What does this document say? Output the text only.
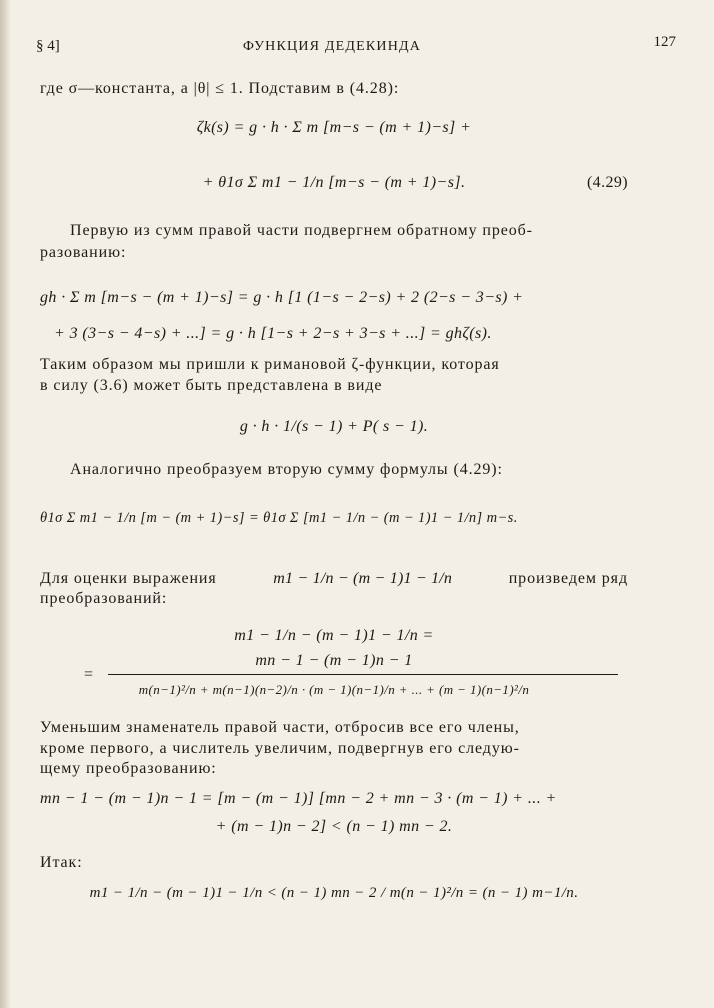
§ 4]	ФУНКЦИЯ ДЕДЕКИНДА	127
где σ—константа, а |θ| ≤ 1. Подставим в (4.28):
ζk(s) = g · h · Σ m [m−s − (m + 1)−s] +
+ θ1σ Σ m1 − 1/n [m−s − (m + 1)−s].	(4.29)
Первую из сумм правой части подвергнем обратному преоб-
разованию:
gh · Σ m [m−s − (m + 1)−s] = g · h [1 (1−s − 2−s) + 2 (2−s − 3−s) +
+ 3 (3−s − 4−s) + ...] = g · h [1−s + 2−s + 3−s + ...] = ghζ(s).
Таким образом мы пришли к римановой ζ-функции, которая
в силу (3.6) может быть представлена в виде
g · h · 1/(s − 1) + P( s − 1).
Аналогично преобразуем вторую сумму формулы (4.29):
θ1σ Σ m1 − 1/n [m − (m + 1)−s] = θ1σ Σ [m1 − 1/n − (m − 1)1 − 1/n] m−s.
Для оценки выражения	m1 − 1/n − (m − 1)1 − 1/n	произведем ряд
преобразований:
m1 − 1/n − (m − 1)1 − 1/n =
mn − 1 − (m − 1)n − 1
=
m(n−1)²/n + m(n−1)(n−2)/n · (m − 1)(n−1)/n + ... + (m − 1)(n−1)²/n
Уменьшим знаменатель правой части, отбросив все его члены,
кроме первого, а числитель увеличим, подвергнув его следую-
щему преобразованию:
mn − 1 − (m − 1)n − 1 = [m − (m − 1)] [mn − 2 + mn − 3 · (m − 1) + ... +
+ (m − 1)n − 2] < (n − 1) mn − 2.
Итак:
m1 − 1/n − (m − 1)1 − 1/n < (n − 1) mn − 2 / m(n − 1)²/n = (n − 1) m−1/n.
